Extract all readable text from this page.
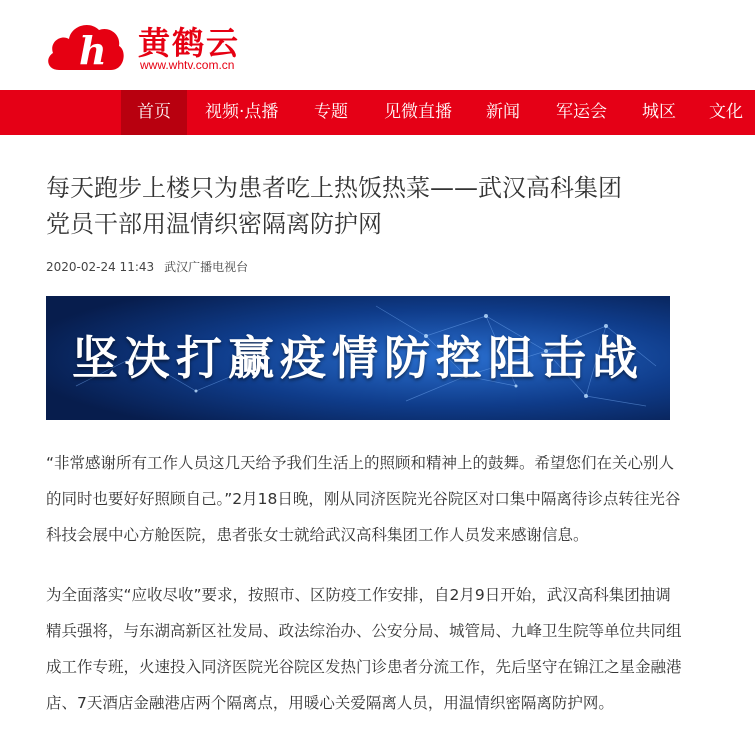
h 黄鹤云
www.whtv.com.cn
首页	视频·点播 专题 见微直播 新闻 军运会 城区 文化
每天跑步上楼只为患者吃上热饭热菜——武汉高科集团
党员干部用温情织密隔离防护网
2020-02-24 11:43 武汉广播电视台
坚决打赢疫情防控阻击战
“非常感谢所有工作人员这几天给予我们生活上的照顾和精神上的鼓舞。希望您们在关心别人的同时也要好好照顾自己。”2月18日晚，刚从同济医院光谷院区对口集中隔离待诊点转往光谷科技会展中心方舱医院，患者张女士就给武汉高科集团工作人员发来感谢信息。
为全面落实“应收尽收”要求，按照市、区防疫工作安排，自2月9日开始，武汉高科集团抽调精兵强将，与东湖高新区社发局、政法综治办、公安分局、城管局、九峰卫生院等单位共同组成工作专班，火速投入同济医院光谷院区发热门诊患者分流工作，先后坚守在锦江之星金融港店、7天酒店金融港店两个隔离点，用暖心关爱隔离人员，用温情织密隔离防护网。
